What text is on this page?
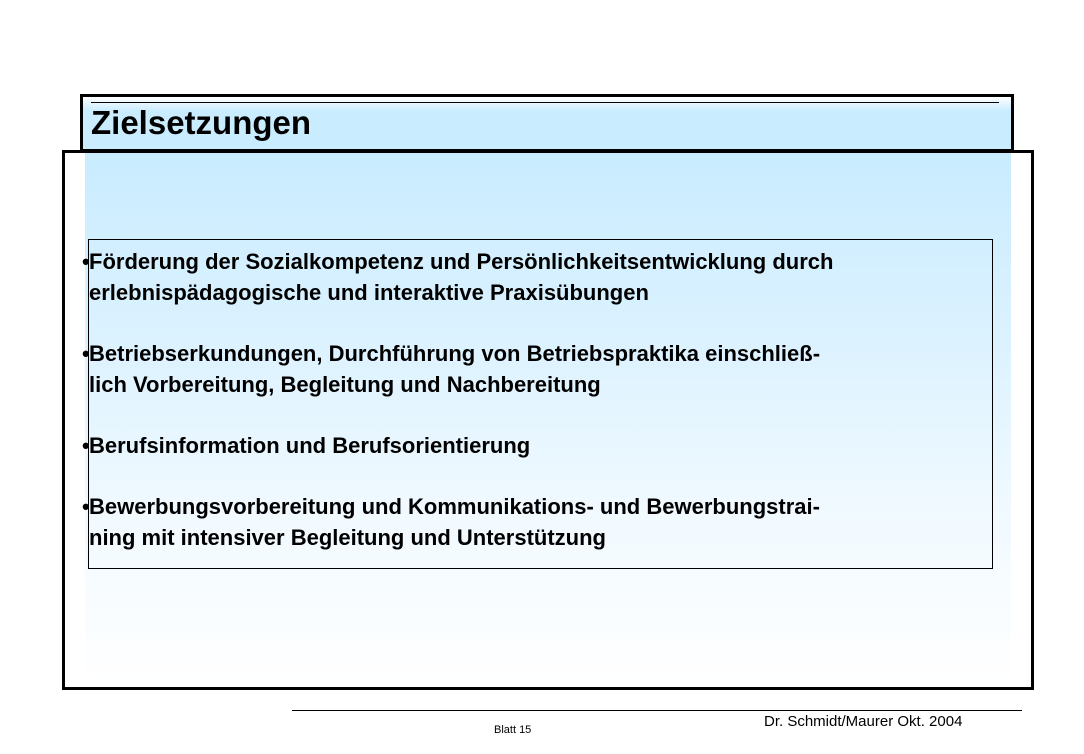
Zielsetzungen
• Förderung der Sozialkompetenz und Persönlichkeitsentwicklung durch
erlebnispädagogische und interaktive Praxisübungen
• Betriebserkundungen, Durchführung von Betriebspraktika einschließ-
lich Vorbereitung, Begleitung und Nachbereitung
• Berufsinformation und Berufsorientierung
• Bewerbungsvorbereitung und Kommunikations- und Bewerbungstrai-
ning mit intensiver Begleitung und Unterstützung
Blatt 15	Dr. Schmidt/Maurer Okt. 2004
